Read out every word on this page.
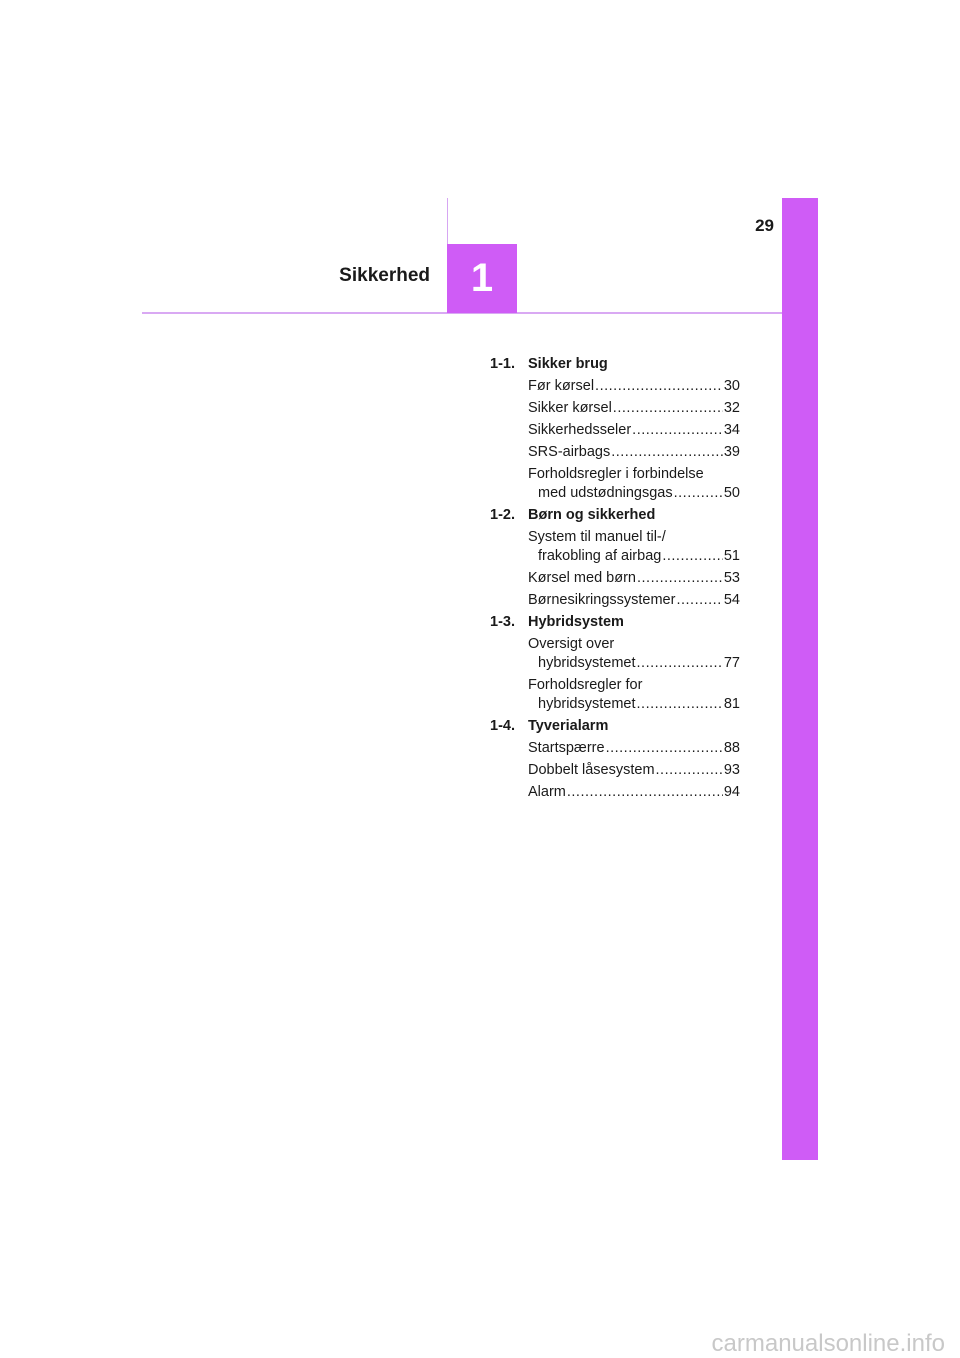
29
1
Sikkerhed
1-1. Sikker brug
Før kørsel .....	30
Sikker kørsel .....	32
Sikkerhedsseler .....	34
SRS-airbags .....	39
Forholdsregler i forbindelse
med udstødningsgas .....	50
1-2. Børn og sikkerhed
System til manuel til-/
frakobling af airbag .....	51
Kørsel med børn .....	53
Børnesikringssystemer .....	54
1-3. Hybridsystem
Oversigt over
hybridsystemet .....	77
Forholdsregler for
hybridsystemet .....	81
1-4. Tyverialarm
Startspærre .....	88
Dobbelt låsesystem .....	93
Alarm .....	94
carmanualsonline.info
